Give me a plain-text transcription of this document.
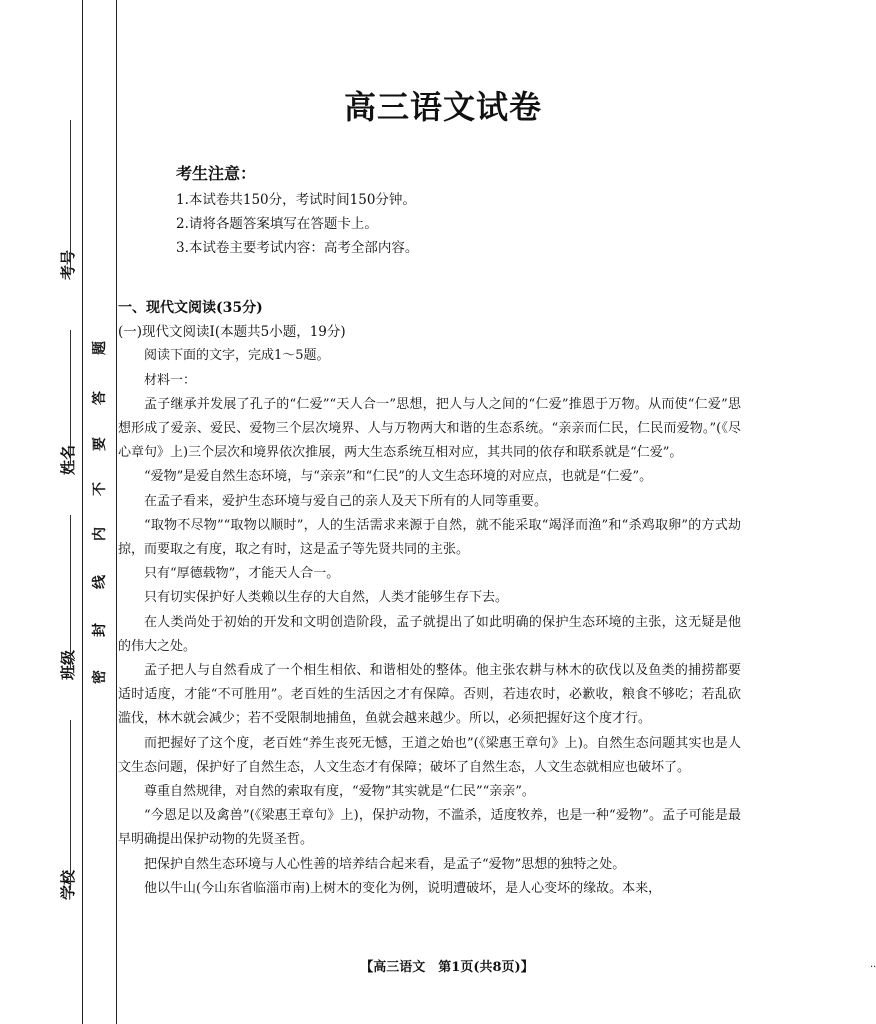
考号
姓名
班级
学校
题
答
要
不
内
线
封
密
高三语文试卷
考生注意：
1.本试卷共150分，考试时间150分钟。
2.请将各题答案填写在答题卡上。
3.本试卷主要考试内容：高考全部内容。
一、现代文阅读(35分)
(一)现代文阅读Ⅰ(本题共5小题，19分)

阅读下面的文字，完成1～5题。

材料一：

孟子继承并发展了孔子的“仁爱”“天人合一”思想，把人与人之间的“仁爱”推恩于万物。从而使“仁爱”思想形成了爱亲、爱民、爱物三个层次境界、人与万物两大和谐的生态系统。“亲亲而仁民，仁民而爱物。”(《尽心章句》上)三个层次和境界依次推展，两大生态系统互相对应，其共同的依存和联系就是“仁爱”。

“爱物”是爱自然生态环境，与“亲亲”和“仁民”的人文生态环境的对应点，也就是“仁爱”。

在孟子看来，爱护生态环境与爱自己的亲人及天下所有的人同等重要。

“取物不尽物”“取物以顺时”，人的生活需求来源于自然，就不能采取“竭泽而渔”和“杀鸡取卵”的方式劫掠，而要取之有度，取之有时，这是孟子等先贤共同的主张。

只有“厚德载物”，才能天人合一。

只有切实保护好人类赖以生存的大自然，人类才能够生存下去。

在人类尚处于初始的开发和文明创造阶段，孟子就提出了如此明确的保护生态环境的主张，这无疑是他的伟大之处。

孟子把人与自然看成了一个相生相依、和谐相处的整体。他主张农耕与林木的砍伐以及鱼类的捕捞都要适时适度，才能“不可胜用”。老百姓的生活因之才有保障。否则，若违农时，必歉收，粮食不够吃；若乱砍滥伐，林木就会减少；若不受限制地捕鱼，鱼就会越来越少。所以，必须把握好这个度才行。

而把握好了这个度，老百姓“养生丧死无憾，王道之始也”(《梁惠王章句》上)。自然生态问题其实也是人文生态问题，保护好了自然生态，人文生态才有保障；破坏了自然生态，人文生态就相应也破坏了。

尊重自然规律，对自然的索取有度，“爱物”其实就是“仁民”“亲亲”。

“今恩足以及禽兽”(《梁惠王章句》上)，保护动物，不滥杀，适度牧养，也是一种“爱物”。孟子可能是最早明确提出保护动物的先贤圣哲。

把保护自然生态环境与人心性善的培养结合起来看，是孟子“爱物”思想的独特之处。

他以牛山(今山东省临淄市南)上树木的变化为例，说明遭破坏，是人心变坏的缘故。本来，

【高三语文　第1页(共8页)】	··
